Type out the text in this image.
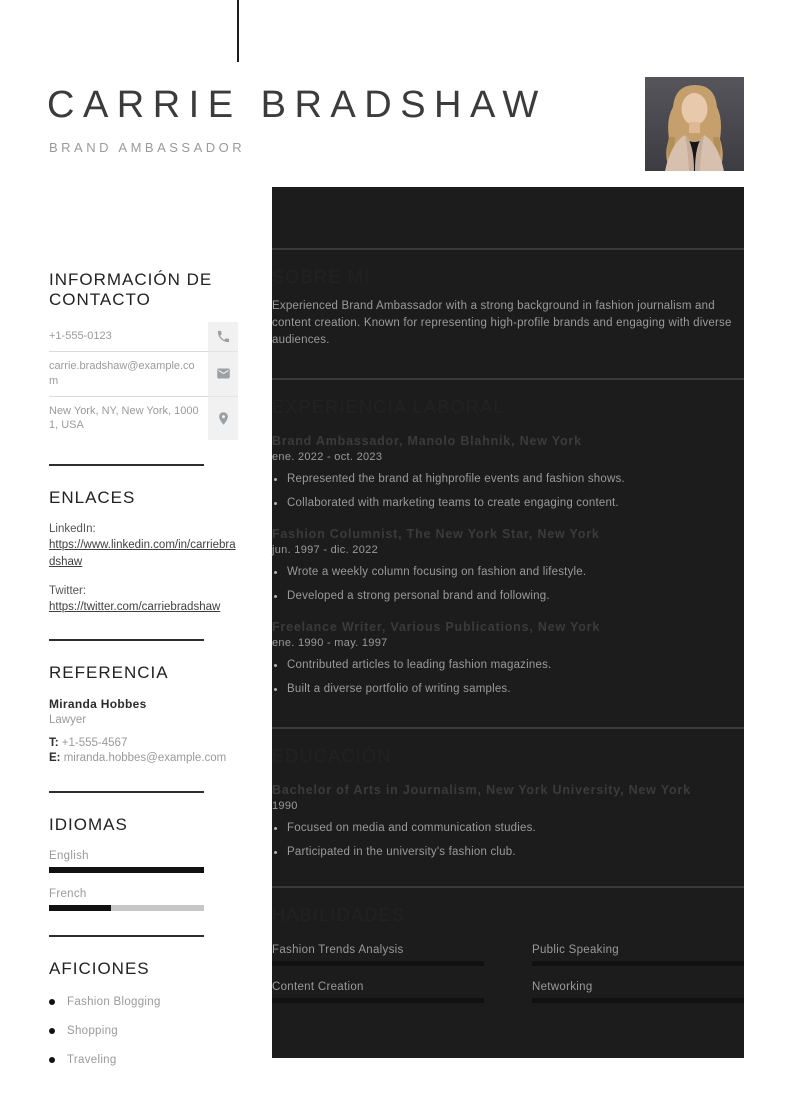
CARRIE BRADSHAW
BRAND AMBASSADOR
INFORMACIÓN DE CONTACTO
+1-555-0123
carrie.bradshaw@example.com
New York, NY, New York, 10001, USA
ENLACES
LinkedIn:
https://www.linkedin.com/in/carriebradshaw
Twitter:
https://twitter.com/carriebradshaw
REFERENCIA
Miranda Hobbes
Lawyer
T: +1-555-4567
E: miranda.hobbes@example.com
IDIOMAS
English
French
AFICIONES
Fashion Blogging
Shopping
Traveling
SOBRE MÍ
Experienced Brand Ambassador with a strong background in fashion journalism and content creation. Known for representing high-profile brands and engaging with diverse audiences.
EXPERIENCIA LABORAL
Brand Ambassador, Manolo Blahnik, New York
ene. 2022 - oct. 2023
Represented the brand at highprofile events and fashion shows.
Collaborated with marketing teams to create engaging content.
Fashion Columnist, The New York Star, New York
jun. 1997 - dic. 2022
Wrote a weekly column focusing on fashion and lifestyle.
Developed a strong personal brand and following.
Freelance Writer, Various Publications, New York
ene. 1990 - may. 1997
Contributed articles to leading fashion magazines.
Built a diverse portfolio of writing samples.
EDUCACIÓN
Bachelor of Arts in Journalism, New York University, New York
1990
Focused on media and communication studies.
Participated in the university's fashion club.
HABILIDADES
Fashion Trends Analysis	Public Speaking
Content Creation	Networking
